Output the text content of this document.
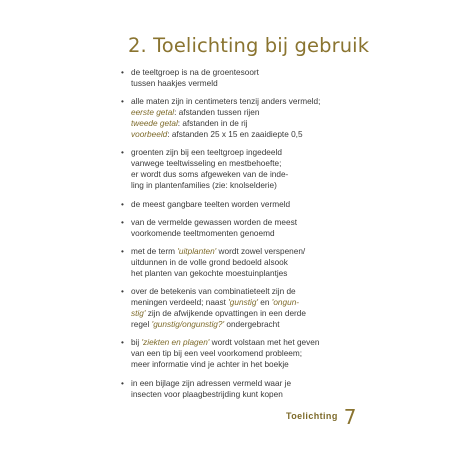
2. Toelichting bij gebruik
• de teeltgroep is na de groentesoort
tussen haakjes vermeld
• alle maten zijn in centimeters tenzij anders vermeld;
eerste getal: afstanden tussen rijen
tweede getal: afstanden in de rij
voorbeeld: afstanden 25 x 15 en zaaidiepte 0,5
• groenten zijn bij een teeltgroep ingedeeld
vanwege teeltwisseling en mestbehoefte;
er wordt dus soms afgeweken van de inde-
ling in plantenfamilies (zie: knolselderie)
• de meest gangbare teelten worden vermeld
• van de vermelde gewassen worden de meest
voorkomende teeltmomenten genoemd
• met de term 'uitplanten' wordt zowel verspenen/
uitdunnen in de volle grond bedoeld alsook
het planten van gekochte moestuinplantjes
• over de betekenis van combinatieteelt zijn de
meningen verdeeld; naast 'gunstig' en 'ongun-
stig' zijn de afwijkende opvattingen in een derde
regel 'gunstig/ongunstig?' ondergebracht
• bij 'ziekten en plagen' wordt volstaan met het geven
van een tip bij een veel voorkomend probleem;
meer informatie vind je achter in het boekje
• in een bijlage zijn adressen vermeld waar je
insecten voor plaagbestrijding kunt kopen
Toelichting 7
